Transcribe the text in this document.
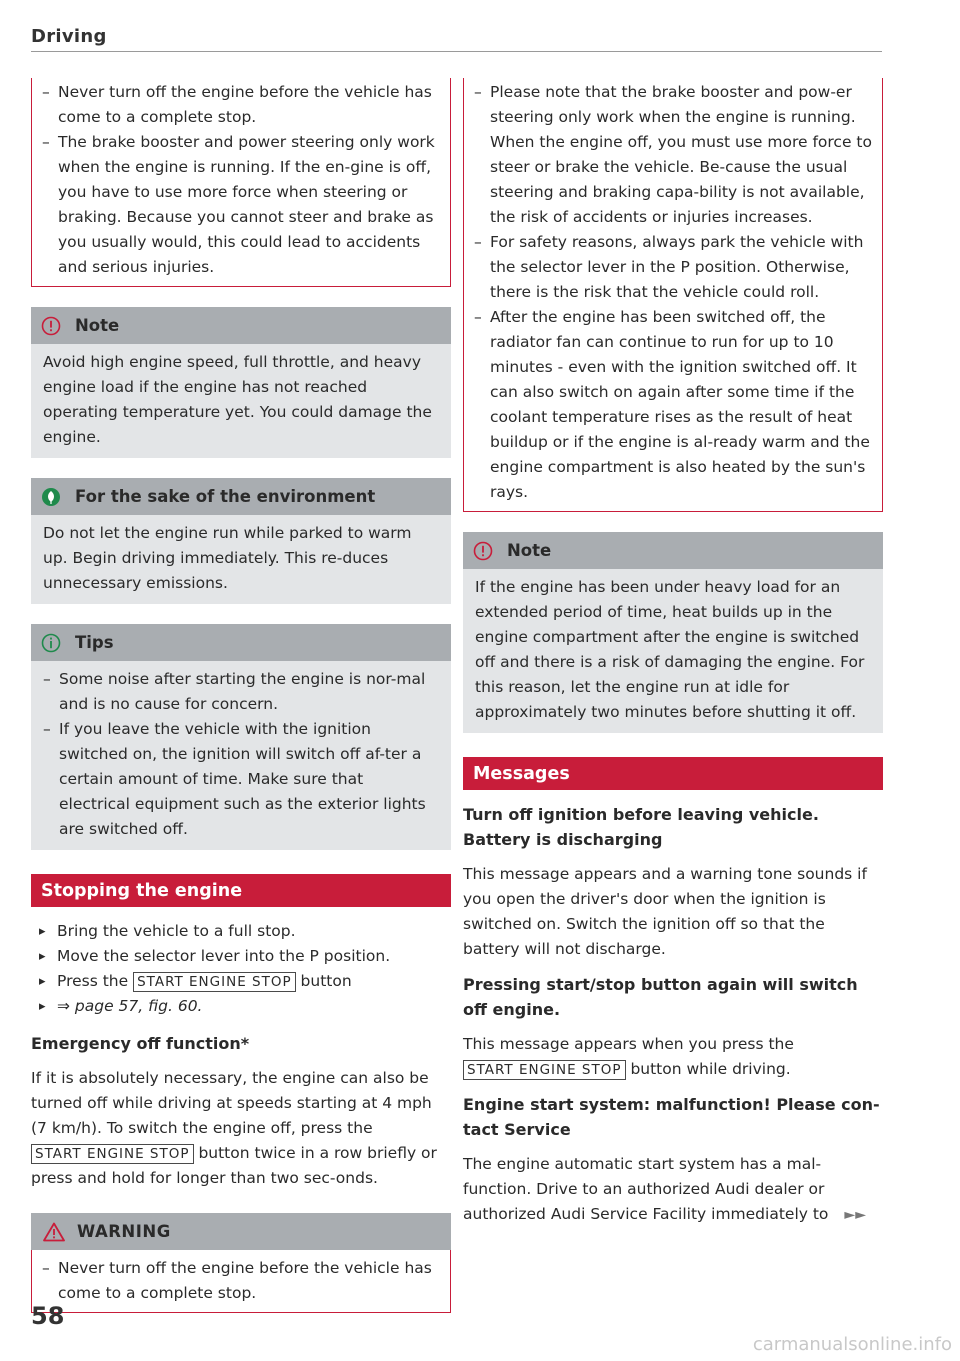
Driving
– Never turn off the engine before the vehicle has come to a complete stop.
– The brake booster and power steering only work when the engine is running. If the en-gine is off, you have to use more force when steering or braking. Because you cannot steer and brake as you usually would, this could lead to accidents and serious injuries.
Note

Avoid high engine speed, full throttle, and heavy engine load if the engine has not reached operating temperature yet. You could damage the engine.

For the sake of the environment

Do not let the engine run while parked to warm up. Begin driving immediately. This re-duces unnecessary emissions.

Tips
– Some noise after starting the engine is nor-mal and is no cause for concern.
– If you leave the vehicle with the ignition switched on, the ignition will switch off af-ter a certain amount of time. Make sure that electrical equipment such as the exterior lights are switched off.
Stopping the engine
▸ Bring the vehicle to a full stop.
▸ Move the selector lever into the P position.
▸ Press the START ENGINE STOP button
▸ ⇒ page 57, fig. 60.
Emergency off function*

If it is absolutely necessary, the engine can also be turned off while driving at speeds starting at 4 mph (7 km/h). To switch the engine off, press the START ENGINE STOP button twice in a row briefly or press and hold for longer than two sec-onds.

WARNING
– Never turn off the engine before the vehicle has come to a complete stop.
– Please note that the brake booster and pow-er steering only work when the engine is running. When the engine off, you must use more force to steer or brake the vehicle. Be-cause the usual steering and braking capa-bility is not available, the risk of accidents or injuries increases.
– For safety reasons, always park the vehicle with the selector lever in the P position. Otherwise, there is the risk that the vehicle could roll.
– After the engine has been switched off, the radiator fan can continue to run for up to 10 minutes - even with the ignition switched off. It can also switch on again after some time if the coolant temperature rises as the result of heat buildup or if the engine is al-ready warm and the engine compartment is also heated by the sun's rays.
Note

If the engine has been under heavy load for an extended period of time, heat builds up in the engine compartment after the engine is switched off and there is a risk of damaging the engine. For this reason, let the engine run at idle for approximately two minutes before shutting it off.

Messages
Turn off ignition before leaving vehicle. Battery is discharging

This message appears and a warning tone sounds if you open the driver's door when the ignition is switched on. Switch the ignition off so that the battery will not discharge.

Pressing start/stop button again will switch off engine.

This message appears when you press the START ENGINE STOP button while driving.

Engine start system: malfunction! Please con-tact Service

The engine automatic start system has a mal-function. Drive to an authorized Audi dealer or authorized Audi Service Facility immediately to ►►

58
carmanualsonline.info
